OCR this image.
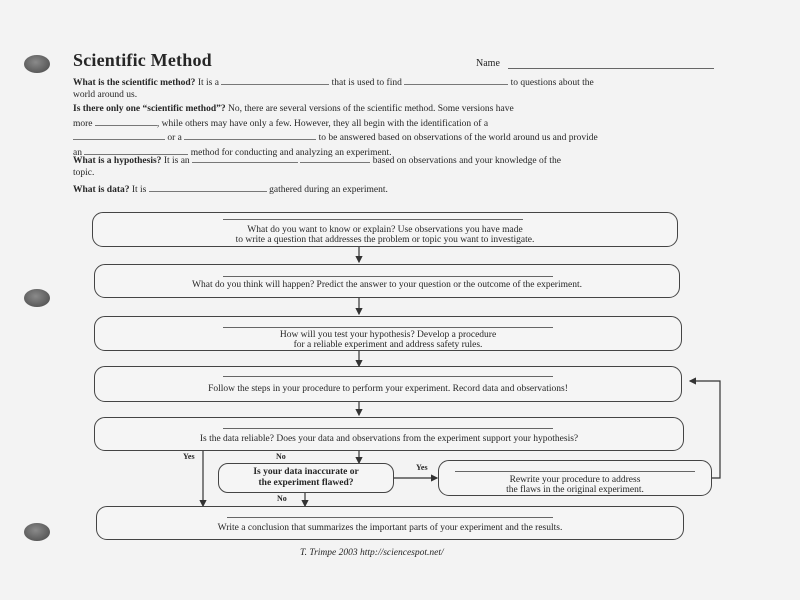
Scientific Method	Name
What is the scientific method? It is a	that is used to find	to questions about the
world around us.
Is there only one “scientific method”? No, there are several versions of the scientific method. Some versions have
more	, while others may have only a few. However, they all begin with the identification of a
or a	to be answered based on observations of the world around us and provide
an	method for conducting and analyzing an experiment.
What is a hypothesis? It is an	based on observations and your knowledge of the
topic.
What is data? It is	gathered during an experiment.
What do you want to know or explain? Use observations you have made
to write a question that addresses the problem or topic you want to investigate.
What do you think will happen? Predict the answer to your question or the outcome of the experiment.
How will you test your hypothesis? Develop a procedure
for a reliable experiment and address safety rules.
Follow the steps in your procedure to perform your experiment. Record data and observations!
Is the data reliable? Does your data and observations from the experiment support your hypothesis?
Yes	No
Yes
No
Is your data inaccurate or
the experiment flawed?	Rewrite your procedure to address
the flaws in the original experiment.
Write a conclusion that summarizes the important parts of your experiment and the results.
T. Trimpe 2003 http://sciencespot.net/
